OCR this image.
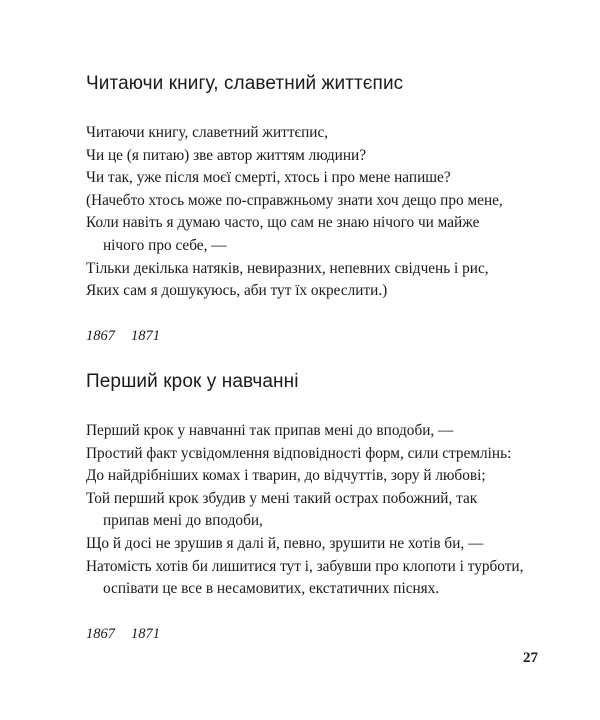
Читаючи книгу, славетний життєпис
Читаючи книгу, славетний життєпис,
Чи це (я питаю) зве автор життям людини?
Чи так, уже після моєї смерті, хтось і про мене напише?
(Начебто хтось може по-справжньому знати хоч дещо про мене,
Коли навіть я думаю часто, що сам не знаю нічого чи майже
нічого про себе, —
Тільки декілька натяків, невиразних, непевних свідчень і рис,
Яких сам я дошукуюсь, аби тут їх окреслити.)
1867 1871
Перший крок у навчанні
Перший крок у навчанні так припав мені до вподоби, —
Простий факт усвідомлення відповідності форм, сили стремлінь:
До найдрібніших комах і тварин, до відчуттів, зору й любові;
Той перший крок збудив у мені такий острах побожний, так
припав мені до вподоби,
Що й досі не зрушив я далі й, певно, зрушити не хотів би, —
Натомість хотів би лишитися тут і, забувши про клопоти і турботи,
оспівати це все в несамовитих, екстатичних піснях.
1867 1871
27
